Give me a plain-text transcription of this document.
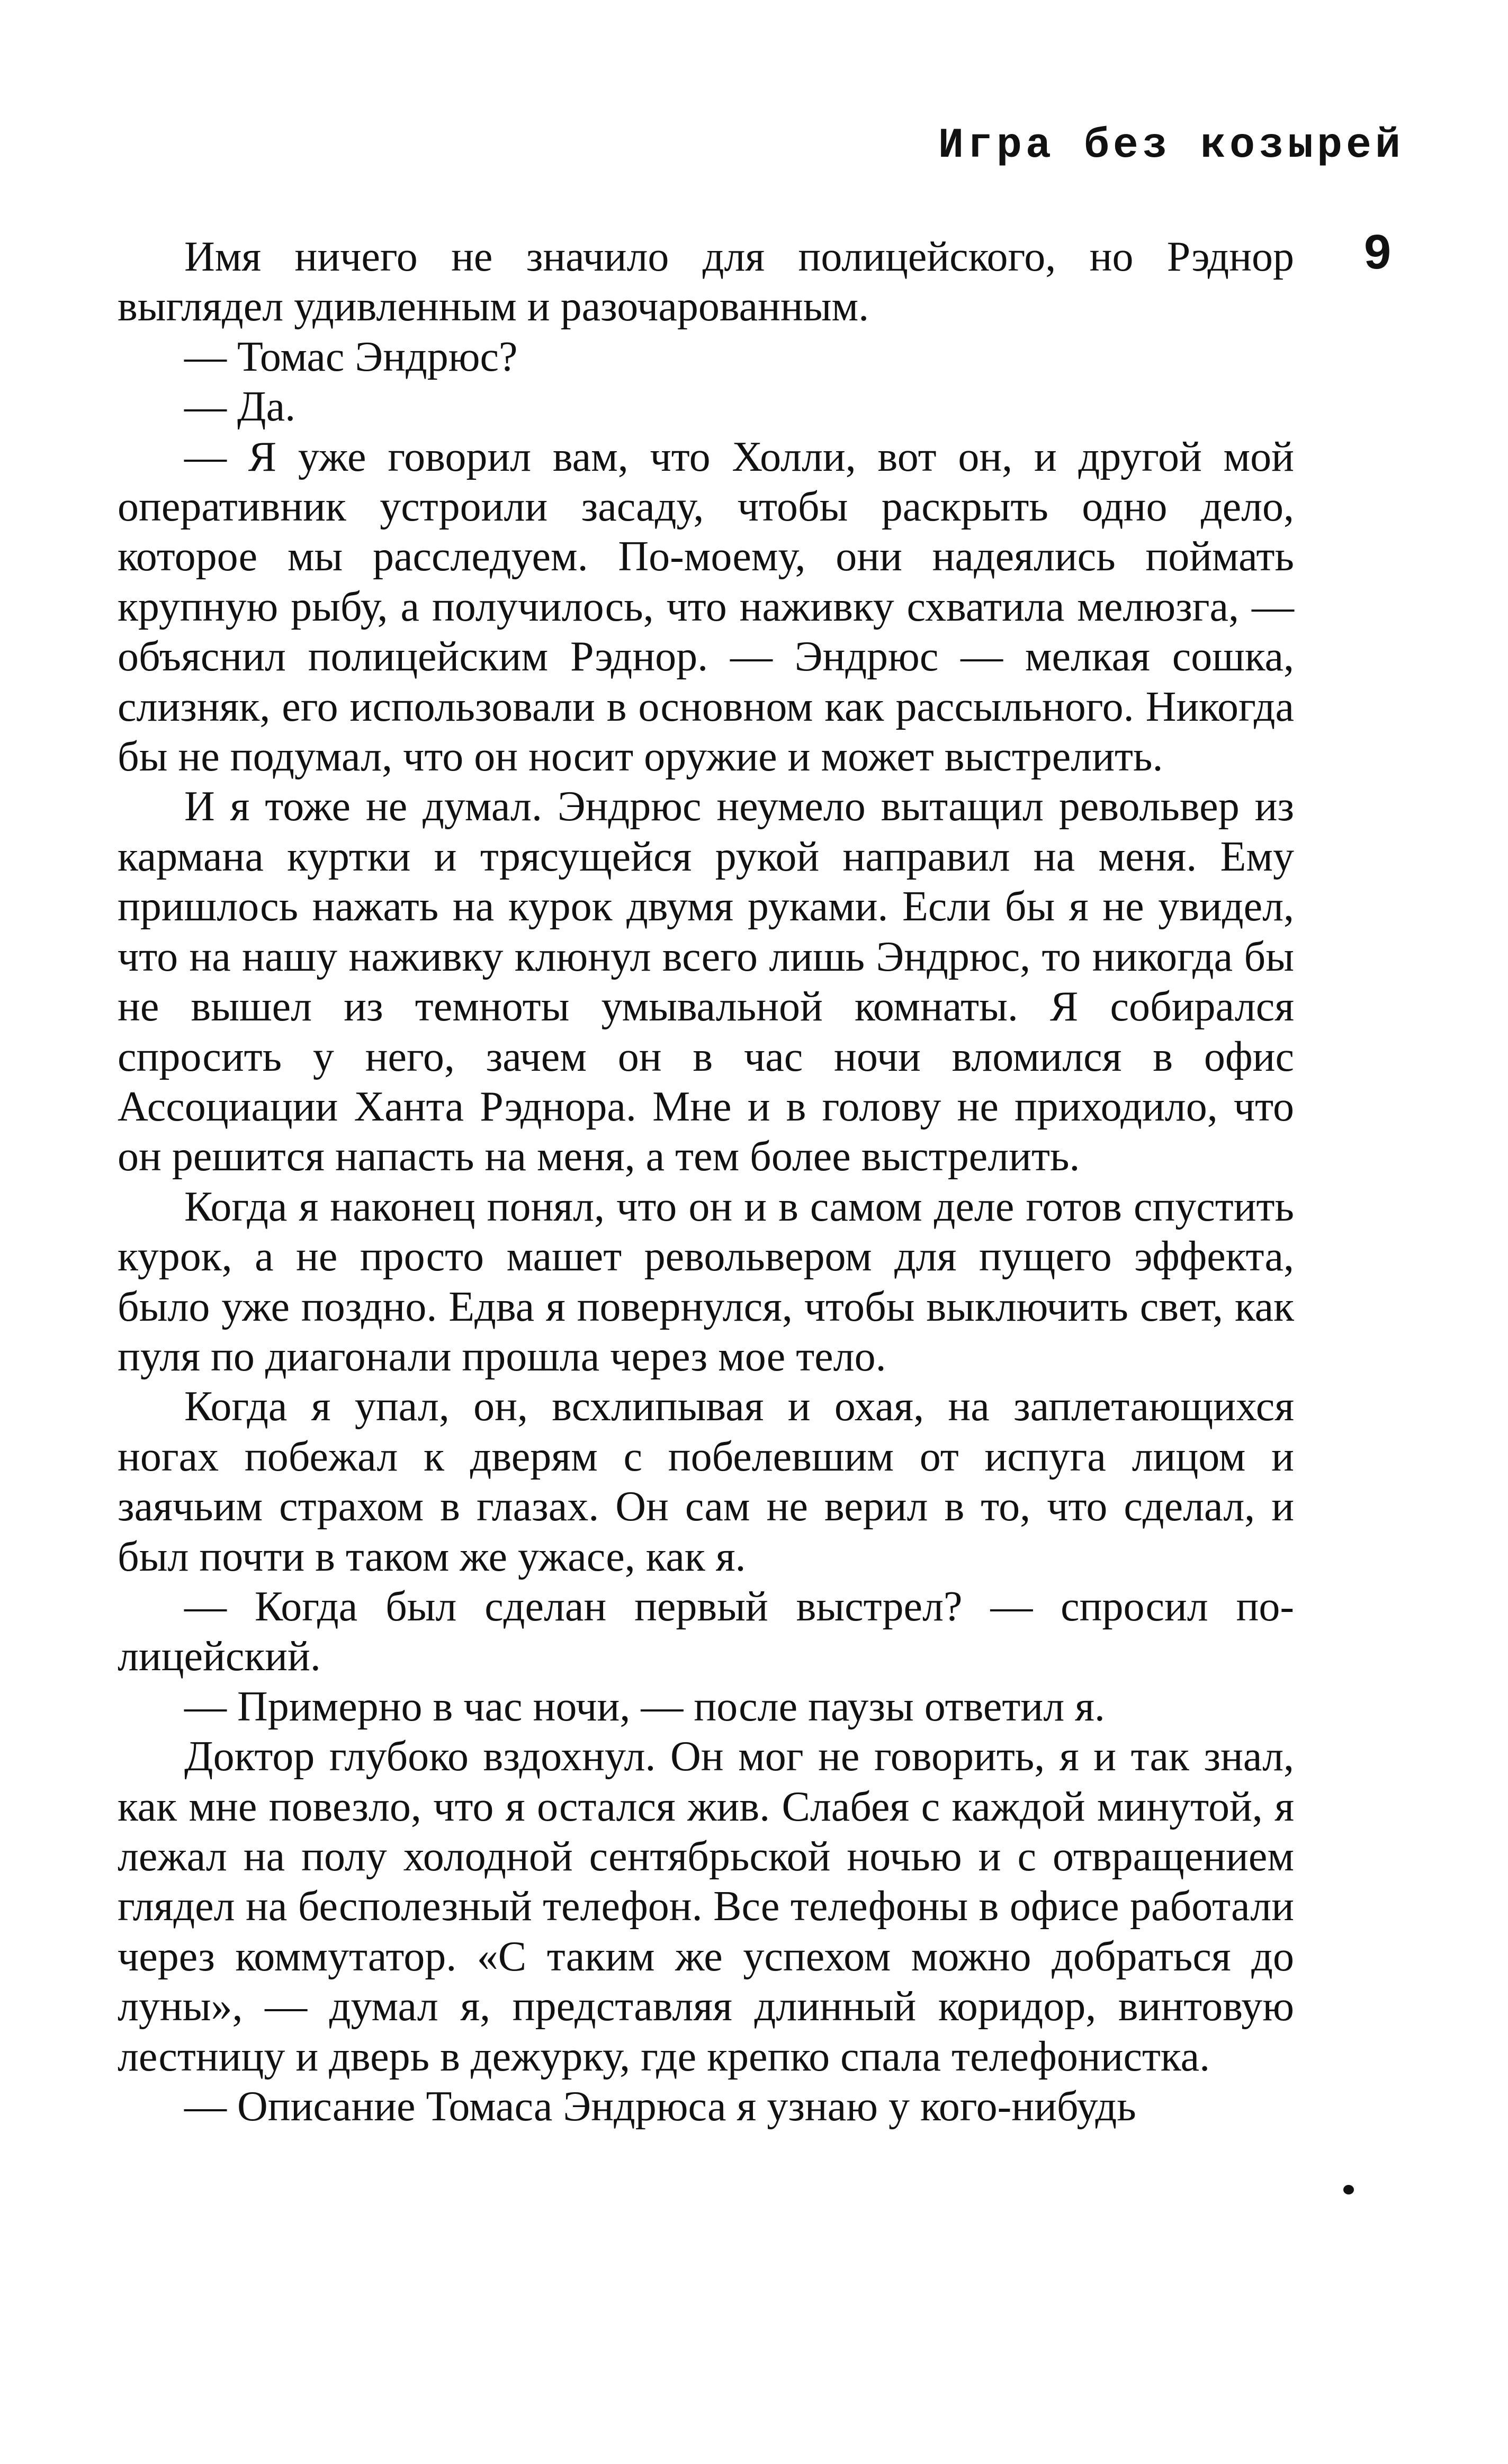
Игра без козырей
9

Имя ничего не значило для полицейского, но Рэднор выглядел удивленным и разочарованным.

— Томас Эндрюс?

— Да.

— Я уже говорил вам, что Холли, вот он, и другой мой оперативник устроили засаду, чтобы раскрыть одно дело, которое мы расследуем. По-моему, они надеялись поймать крупную рыбу, а получилось, что наживку схватила мелюзга, — объяснил полицейским Рэднор. — Эндрюс — мелкая сошка, слизняк, его использовали в основном как рассыльного. Никогда бы не подумал, что он носит оружие и может выстрелить.

И я тоже не думал. Эндрюс неумело вытащил револьвер из кармана куртки и трясущейся рукой направил на меня. Ему пришлось нажать на курок двумя руками. Если бы я не увидел, что на нашу наживку клюнул всего лишь Эндрюс, то никогда бы не вышел из темноты умывальной комнаты. Я собирался спросить у него, зачем он в час ночи вломился в офис Ассоциации Ханта Рэднора. Мне и в голову не приходило, что он решится напасть на меня, а тем более выстрелить.

Когда я наконец понял, что он и в самом деле готов спустить курок, а не просто машет револьвером для пущего эффекта, было уже поздно. Едва я повернулся, чтобы выключить свет, как пуля по диагонали прошла через мое тело.

Когда я упал, он, всхлипывая и охая, на заплетающихся ногах побежал к дверям с побелевшим от испуга лицом и заячьим страхом в глазах. Он сам не верил в то, что сделал, и был почти в таком же ужасе, как я.

— Когда был сделан первый выстрел? — спросил полицейский.

— Примерно в час ночи, — после паузы ответил я.

Доктор глубоко вздохнул. Он мог не говорить, я и так знал, как мне повезло, что я остался жив. Слабея с каждой минутой, я лежал на полу холодной сентябрьской ночью и с отвращением глядел на бесполезный телефон. Все телефоны в офисе работали через коммутатор. «С таким же успехом можно добраться до луны», — думал я, представляя длинный коридор, винтовую лестницу и дверь в дежурку, где крепко спала телефонистка.

— Описание Томаса Эндрюса я узнаю у кого-нибудь
